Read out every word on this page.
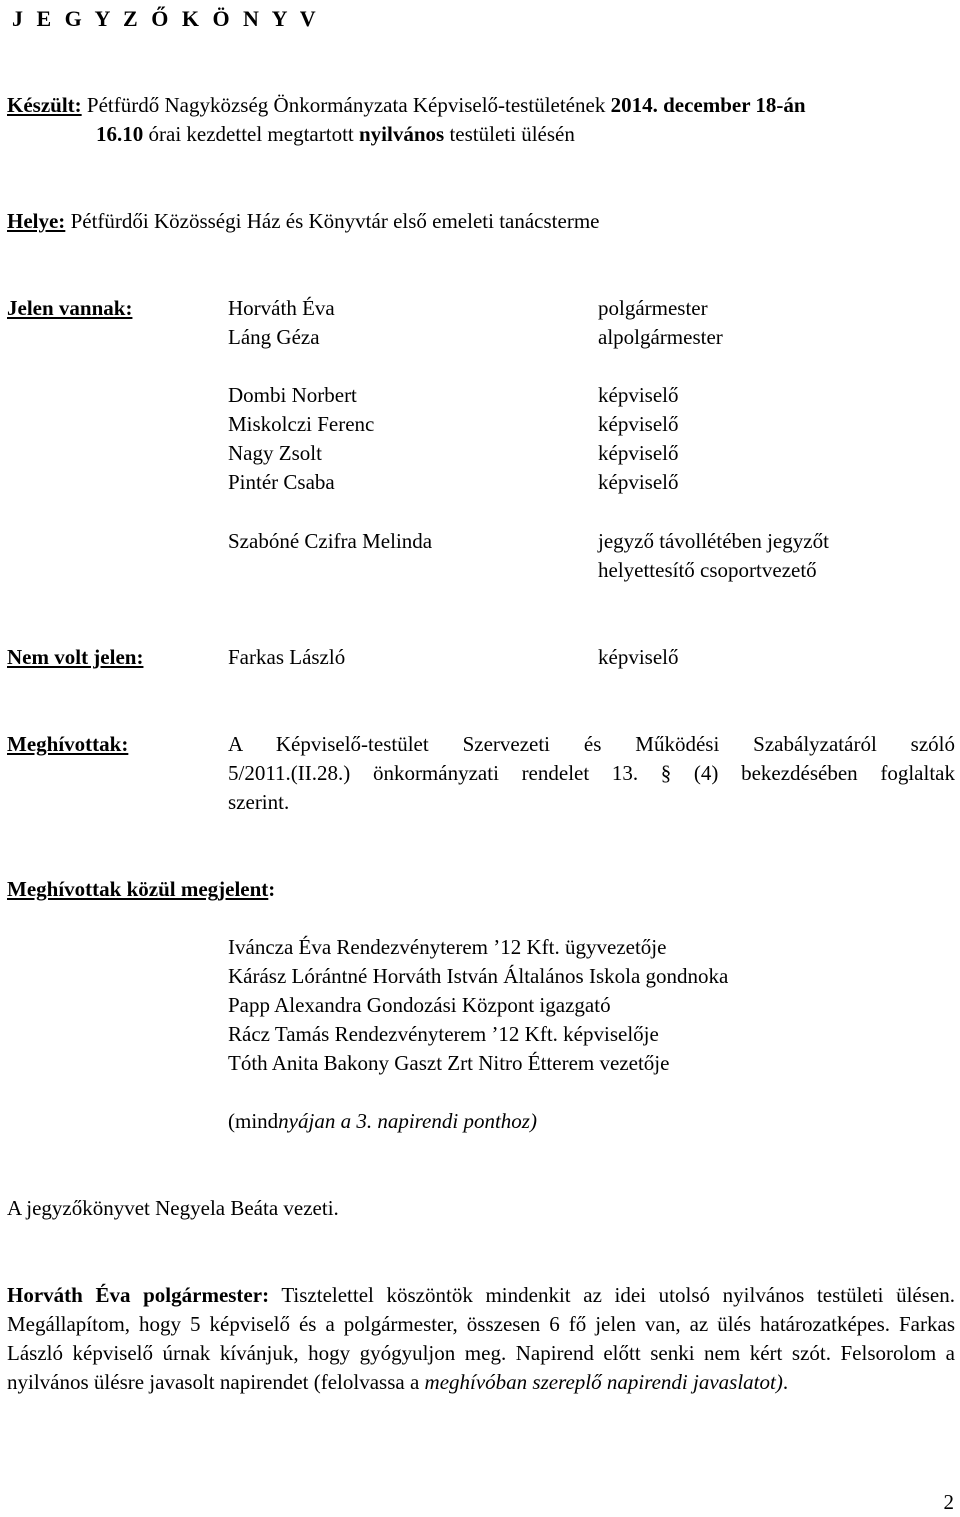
J E G Y Z Ő K Ö N Y V
Készült: Pétfürdő Nagyközség Önkormányzata Képviselő-testületének 2014. december 18-án
16.10 órai kezdettel megtartott nyilvános testületi ülésén
Helye: Pétfürdői Közösségi Ház és Könyvtár első emeleti tanácsterme
Jelen vannak:	Horváth Éva	polgármester
Láng Géza	alpolgármester
Dombi Norbert	képviselő
Miskolczi Ferenc	képviselő
Nagy Zsolt	képviselő
Pintér Csaba	képviselő
Szabóné Czifra Melinda	jegyző távollétében jegyzőt
helyettesítő csoportvezető
Nem volt jelen:	Farkas László	képviselő
Meghívottak:	A Képviselő-testület Szervezeti és Működési Szabályzatáról szóló
5/2011.(II.28.) önkormányzati rendelet 13. § (4) bekezdésében foglaltak
szerint.
Meghívottak közül megjelent:
Iváncza Éva Rendezvényterem ’12 Kft. ügyvezetője
Kárász Lórántné Horváth István Általános Iskola gondnoka
Papp Alexandra Gondozási Központ igazgató
Rácz Tamás Rendezvényterem ’12 Kft. képviselője
Tóth Anita Bakony Gaszt Zrt Nitro Étterem vezetője
(mindnyájan a 3. napirendi ponthoz)
A jegyzőkönyvet Negyela Beáta vezeti.
Horváth Éva polgármester: Tisztelettel köszöntök mindenkit az idei utolsó nyilvános testületi ülésen. Megállapítom, hogy 5 képviselő és a polgármester, összesen 6 fő jelen van, az ülés határozatképes. Farkas László képviselő úrnak kívánjuk, hogy gyógyuljon meg. Napirend előtt senki nem kért szót. Felsorolom a nyilvános ülésre javasolt napirendet (felolvassa a meghívóban szereplő napirendi javaslatot).
2
